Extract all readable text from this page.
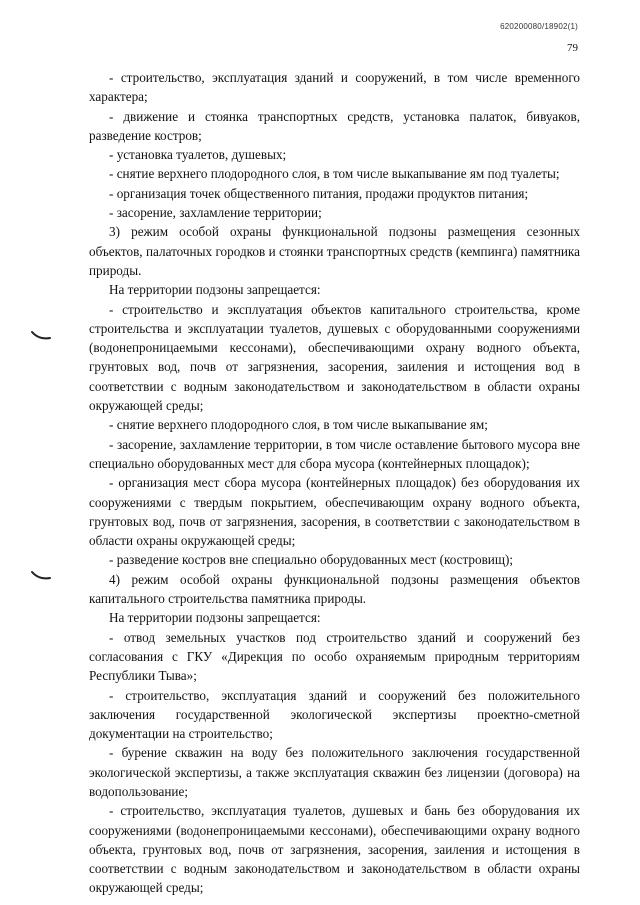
620200080/18902(1)
79

- строительство, эксплуатация зданий и сооружений, в том числе временного характера;

- движение и стоянка транспортных средств, установка палаток, бивуаков, разведение костров;

- установка туалетов, душевых;

- снятие верхнего плодородного слоя, в том числе выкапывание ям под туалеты;

- организация точек общественного питания, продажи продуктов питания;

- засорение, захламление территории;

3) режим особой охраны функциональной подзоны размещения сезонных объектов, палаточных городков и стоянки транспортных средств (кемпинга) памятника природы.

На территории подзоны запрещается:

- строительство и эксплуатация объектов капитального строительства, кроме строительства и эксплуатации туалетов, душевых с оборудованными сооружениями (водонепроницаемыми кессонами), обеспечивающими охрану водного объекта, грунтовых вод, почв от загрязнения, засорения, заиления и истощения вод в соответствии с водным законодательством и законодательством в области охраны окружающей среды;

- снятие верхнего плодородного слоя, в том числе выкапывание ям;

- засорение, захламление территории, в том числе оставление бытового мусора вне специально оборудованных мест для сбора мусора (контейнерных площадок);

- организация мест сбора мусора (контейнерных площадок) без оборудования их сооружениями с твердым покрытием, обеспечивающим охрану водного объекта, грунтовых вод, почв от загрязнения, засорения, в соответствии с законодательством в области охраны окружающей среды;

- разведение костров вне специально оборудованных мест (костровищ);

4) режим особой охраны функциональной подзоны размещения объектов капитального строительства памятника природы.

На территории подзоны запрещается:

- отвод земельных участков под строительство зданий и сооружений без согласования с ГКУ «Дирекция по особо охраняемым природным территориям Республики Тыва»;

- строительство, эксплуатация зданий и сооружений без положительного заключения государственной экологической экспертизы проектно-сметной документации на строительство;

- бурение скважин на воду без положительного заключения государственной экологической экспертизы, а также эксплуатация скважин без лицензии (договора) на водопользование;

- строительство, эксплуатация туалетов, душевых и бань без оборудования их сооружениями (водонепроницаемыми кессонами), обеспечивающими охрану водного объекта, грунтовых вод, почв от загрязнения, засорения, заиления и истощения в соответствии с водным законодательством и законодательством в области охраны окружающей среды;
